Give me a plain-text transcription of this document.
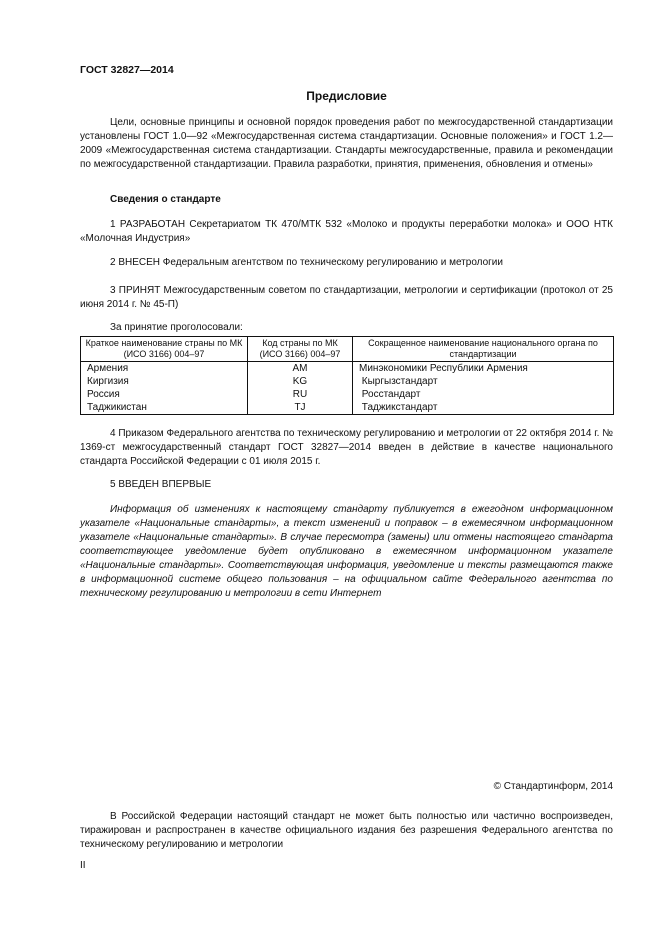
ГОСТ 32827—2014
Предисловие

Цели, основные принципы и основной порядок проведения работ по межгосударственной стандартизации установлены ГОСТ 1.0—92 «Межгосударственная система стандартизации. Основные положения» и ГОСТ 1.2—2009 «Межгосударственная система стандартизации. Стандарты межгосударственные, правила и рекомендации по межгосударственной стандартизации. Правила разработки, принятия, применения, обновления и отмены»

Сведения о стандарте

1 РАЗРАБОТАН Секретариатом ТК 470/МТК 532 «Молоко и продукты переработки молока» и ООО НТК «Молочная Индустрия»

2 ВНЕСЕН Федеральным агентством по техническому регулированию и метрологии

3 ПРИНЯТ Межгосударственным советом по стандартизации, метрологии и сертификации (протокол от 25 июня 2014 г. № 45-П)

За принятие проголосовали:
Краткое наименование страны по МК (ИСО 3166) 004–97	Код страны по МК (ИСО 3166) 004–97	Сокращенное наименование национального органа по стандартизации
Армения	AM	Минэкономики Республики Армения
Киргизия	KG	Кыргызстандарт
Россия	RU	Росстандарт
Таджикистан	TJ	Таджикстандарт

4 Приказом Федерального агентства по техническому регулированию и метрологии от 22 октября 2014 г. № 1369-ст межгосударственный стандарт ГОСТ 32827—2014 введен в действие в качестве национального стандарта Российской Федерации с 01 июля 2015 г.

5 ВВЕДЕН ВПЕРВЫЕ

Информация об изменениях к настоящему стандарту публикуется в ежегодном информационном указателе «Национальные стандарты», а текст изменений и поправок – в ежемесячном информационном указателе «Национальные стандарты». В случае пересмотра (замены) или отмены настоящего стандарта соответствующее уведомление будет опубликовано в ежемесячном информационном указателе «Национальные стандарты». Соответствующая информация, уведомление и тексты размещаются также в информационной системе общего пользования – на официальном сайте Федерального агентства по техническому регулированию и метрологии в сети Интернет

© Стандартинформ, 2014

В Российской Федерации настоящий стандарт не может быть полностью или частично воспроизведен, тиражирован и распространен в качестве официального издания без разрешения Федерального агентства по техническому регулированию и метрологии

II
